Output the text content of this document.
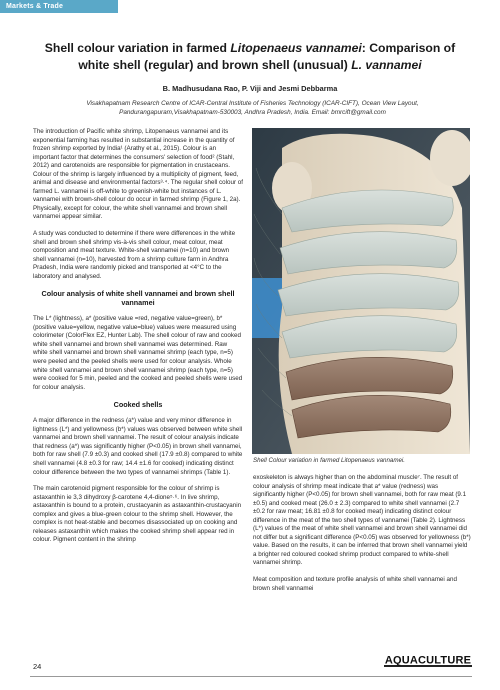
Markets & Trade
Shell colour variation in farmed Litopenaeus vannamei: Comparison of white shell (regular) and brown shell (unusual) L. vannamei
B. Madhusudana Rao, P. Viji and Jesmi Debbarma
Visakhapatnam Research Centre of ICAR-Central Institute of Fisheries Technology (ICAR-CIFT), Ocean View Layout, Pandurangapuram,Visakhapatnam-530003, Andhra Pradesh, India. Email: bmrcift@gmail.com

The introduction of Pacific white shrimp, Litopenaeus vannamei and its exponential farming has resulted in substantial increase in the quantity of frozen shrimp exported by India¹ (Arathy et al., 2015). Colour is an important factor that determines the consumers' selection of food² (Stahl, 2012) and carotenoids are responsible for pigmentation in crustaceans. Colour of the shrimp is largely influenced by a multiplicity of pigment, feed, animal and disease and environmental factors³·⁴. The regular shell colour of farmed L. vannamei is off-white to greenish-white but instances of L. vannamei with brown-shell colour do occur in farmed shrimp (Figure 1, 2a). Physically, except for colour, the white shell vannamei and brown shell vannamei appear similar.

A study was conducted to determine if there were differences in the white shell and brown shell shrimp vis-à-vis shell colour, meat colour, meat composition and meat texture. White-shell vannamei (n=10) and brown shell vannamei (n=10), harvested from a shrimp culture farm in Andhra Pradesh, India were randomly picked and transported at <4°C to the laboratory and analysed.

Colour analysis of white shell vannamei and brown shell vannamei

The L* (lightness), a* (positive value =red, negative value=green), b* (positive value=yellow, negative value=blue) values were measured using colorimeter (ColorFlex EZ, Hunter Lab). The shell colour of raw and cooked white shell vannamei and brown shell vannamei was determined. Raw white shell vannamei and brown shell vannamei shrimp (each type, n=5) were peeled and the peeled shells were used for colour analysis. Whole white shell vannamei and brown shell vannamei shrimp (each type, n=5) were cooked for 5 min, peeled and the cooked and peeled shells were used for colour analysis.

Cooked shells

A major difference in the redness (a*) value and very minor difference in lightness (L*) and yellowness (b*) values was observed between white shell vannamei and brown shell vannamei. The result of colour analysis indicate that redness (a*) was significantly higher (P<0.05) in brown shell vannamei, both for raw shell (7.9 ±0.3) and cooked shell (17.9 ±0.8) compared to white shell vannamei (4.8 ±0.3 for raw; 14.4 ±1.6 for cooked) indicating distinct colour difference between the two types of vannamei shrimps (Table 1).

The main carotenoid pigment responsible for the colour of shrimp is astaxanthin ie 3,3 dihydroxy β-carotene 4,4-dione⁵·⁶. In live shrimp, astaxanthin is bound to a protein, crustacyanin as astaxanthin-crustacyanin complex and gives a blue-green colour to the shrimp shell. However, the complex is not heat-stable and becomes disassociated up on cooking and releases astaxanthin which makes the cooked shrimp shell appear red in colour. Pigment content in the shrimp

Shell Colour variation in farmed Litopenaeus vannamei.

exoskeleton is always higher than on the abdominal muscle⁷. The result of colour analysis of shrimp meat indicate that a* value (redness) was significantly higher (P<0.05) for brown shell vannamei, both for raw meat (9.1 ±0.5) and cooked meat (26.0 ± 2.3) compared to white shell vannamei (2.7 ±0.2 for raw meat; 16.81 ±0.8 for cooked meat) indicating distinct colour difference in the meat of the two shell types of vannamei (Table 2). Lightness (L*) values of the meat of white shell vannamei and brown shell vannamei did not differ but a significant difference (P<0.05) was observed for yellowness (b*) value. Based on the results, it can be inferred that brown shell vannamei yield a brighter red coloured cooked shrimp product compared to white-shell vannamei shrimp.

Meat composition and texture profile analysis of white shell vannamei and brown shell vannamei

24	AQUACULTURE
